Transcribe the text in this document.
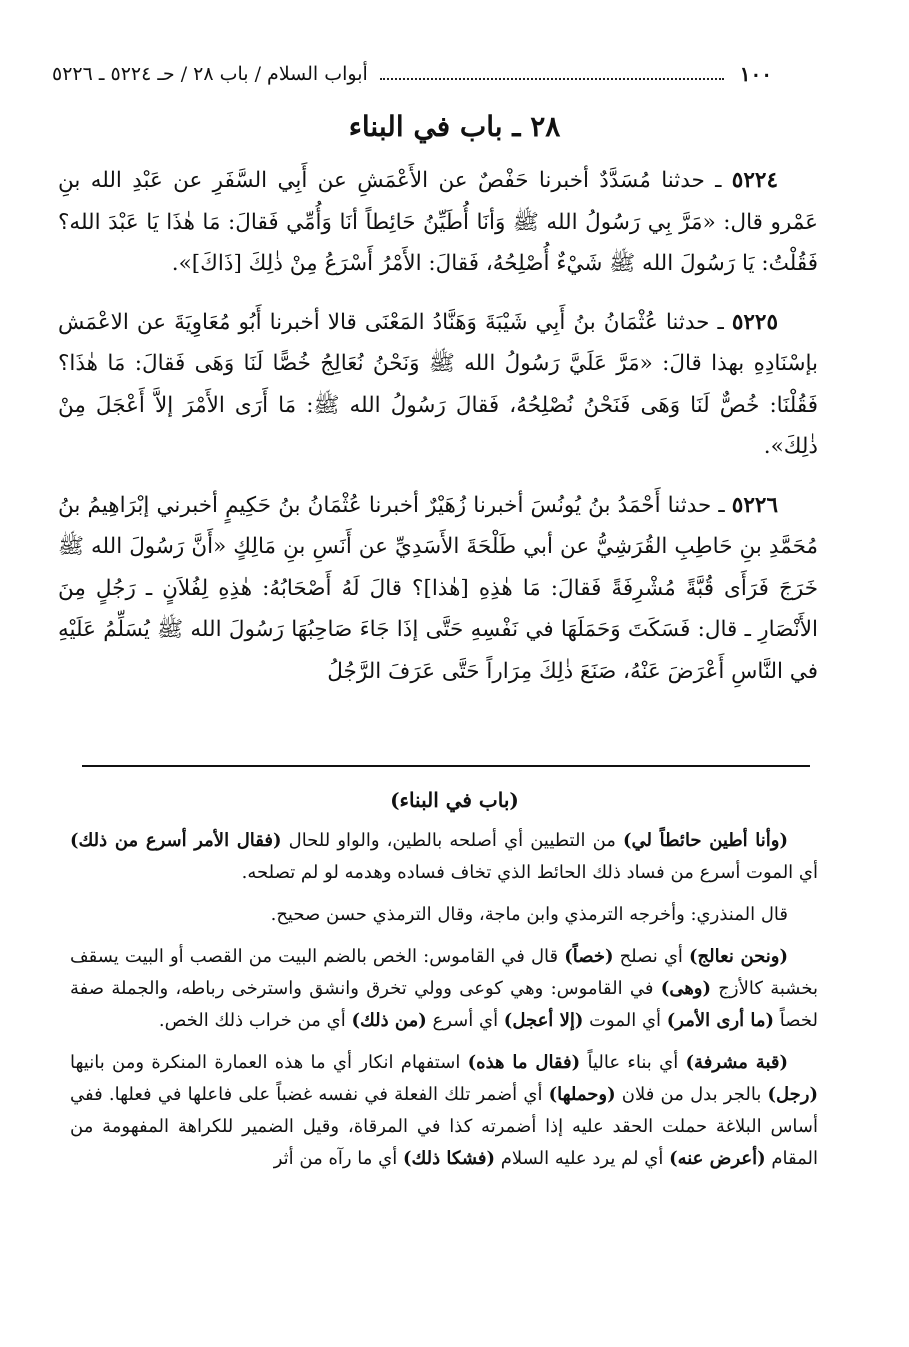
١٠٠
أبواب السلام / باب ٢٨ / حـ ٥٢٢٤ ـ ٥٢٢٦
٢٨ ـ باب في البناء

٥٢٢٤ ـ حدثنا مُسَدَّدٌ أخبرنا حَفْصٌ عن الأَعْمَشِ عن أَبِي السَّفَرِ عن عَبْدِ الله بنِ عَمْرو قال: «مَرَّ بِي رَسُولُ الله ﷺ وَأنَا أُطَيِّنُ حَائِطاً أنَا وَأُمِّي فَقالَ: مَا هٰذَا يَا عَبْدَ الله؟ فَقُلْتُ: يَا رَسُولَ الله ﷺ شَيْءٌ أُصْلِحُهُ، فَقالَ: الأَمْرُ أَسْرَعُ مِنْ ذٰلِكَ [ذَاكَ]».

٥٢٢٥ ـ حدثنا عُثْمَانُ بنُ أَبِي شَيْبَةَ وَهَنَّادُ المَعْنَى قالا أخبرنا أَبُو مُعَاوِيَةَ عن الاعْمَش بإسْنَادِهِ بهذا قالَ: «مَرَّ عَلَيَّ رَسُولُ الله ﷺ وَنَحْنُ نُعَالِجُ خُصًّا لَنَا وَهَى فَقالَ: مَا هٰذَا؟ فَقُلْنَا: خُصٌّ لَنَا وَهَى فَنَحْنُ نُصْلِحُهُ، فَقالَ رَسُولُ الله ﷺ: مَا أَرَى الأَمْرَ إلاَّ أَعْجَلَ مِنْ ذٰلِكَ».

٥٢٢٦ ـ حدثنا أَحْمَدُ بنُ يُونُسَ أخبرنا زُهَيْرٌ أخبرنا عُثْمَانُ بنُ حَكِيمٍ أخبرني إبْرَاهِيمُ بنُ مُحَمَّدِ بنِ حَاطِبِ القُرَشِيُّ عن أبي طَلْحَةَ الأَسَدِيِّ عن أَنَسِ بنِ مَالِكٍ «أَنَّ رَسُولَ الله ﷺ خَرَجَ فَرَأَى قُبَّةً مُشْرِفَةً فَقالَ: مَا هٰذِهِ [هٰذا]؟ قالَ لَهُ أَصْحَابُهُ: هٰذِهِ لِفُلاَنٍ ـ رَجُلٍ مِنَ الأَنْصَارِ ـ قال: فَسَكَتَ وَحَمَلَهَا في نَفْسِهِ حَتَّى إذَا جَاءَ صَاحِبُهَا رَسُولَ الله ﷺ يُسَلِّمُ عَلَيْهِ في النَّاسِ أَعْرَضَ عَنْهُ، صَنَعَ ذٰلِكَ مِرَاراً حَتَّى عَرَفَ الرَّجُلُ

(باب في البناء)

(وأنا أطين حائطاً لي) من التطيين أي أصلحه بالطين، والواو للحال (فقال الأمر أسرع من ذلك) أي الموت أسرع من فساد ذلك الحائط الذي تخاف فساده وهدمه لو لم تصلحه.

قال المنذري: وأخرجه الترمذي وابن ماجة، وقال الترمذي حسن صحيح.

(ونحن نعالج) أي نصلح (خصاً) قال في القاموس: الخص بالضم البيت من القصب أو البيت يسقف بخشبة كالأزج (وهى) في القاموس: وهي كوعى وولي تخرق وانشق واسترخى رباطه، والجملة صفة لخصاً (ما أرى الأمر) أي الموت (إلا أعجل) أي أسرع (من ذلك) أي من خراب ذلك الخص.

(قبة مشرفة) أي بناء عالياً (فقال ما هذه) استفهام انكار أي ما هذه العمارة المنكرة ومن بانيها (رجل) بالجر بدل من فلان (وحملها) أي أضمر تلك الفعلة في نفسه غضباً على فاعلها في فعلها. ففي أساس البلاغة حملت الحقد عليه إذا أضمرته كذا في المرقاة، وقيل الضمير للكراهة المفهومة من المقام (أعرض عنه) أي لم يرد عليه السلام (فشكا ذلك) أي ما رآه من أثر
